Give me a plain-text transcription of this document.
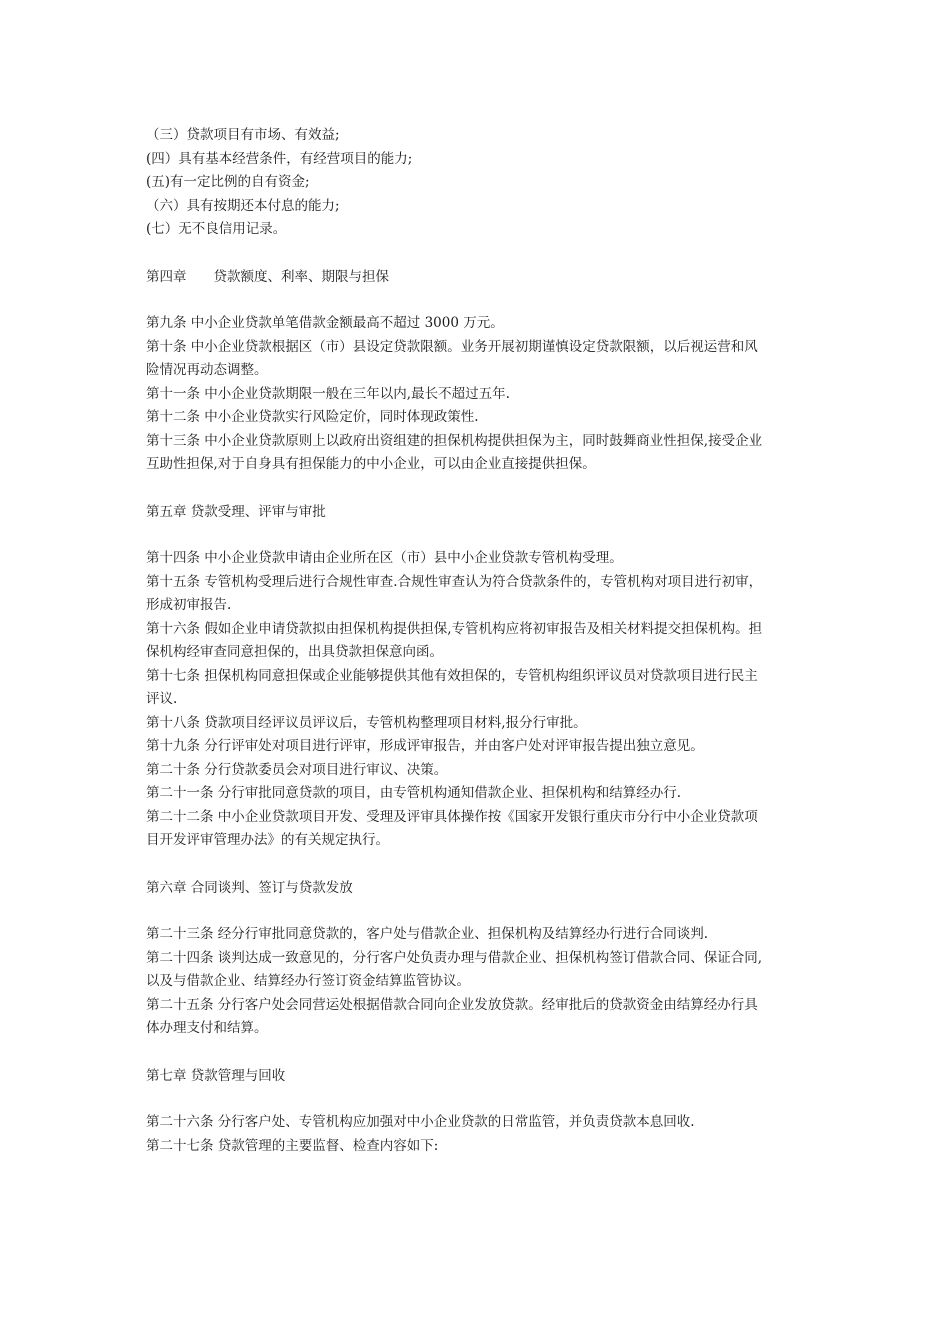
（三）贷款项目有市场、有效益;

(四）具有基本经营条件，有经营项目的能力;

(五)有一定比例的自有资金;

（六）具有按期还本付息的能力;

(七）无不良信用记录。

第四章　　贷款额度、利率、期限与担保

第九条 中小企业贷款单笔借款金额最高不超过 3000 万元。

第十条 中小企业贷款根据区（市）县设定贷款限额。业务开展初期谨慎设定贷款限额，以后视运营和风

险情况再动态调整。

第十一条 中小企业贷款期限一般在三年以内,最长不超过五年.

第十二条 中小企业贷款实行风险定价，同时体现政策性.

第十三条 中小企业贷款原则上以政府出资组建的担保机构提供担保为主，同时鼓舞商业性担保,接受企业

互助性担保,对于自身具有担保能力的中小企业，可以由企业直接提供担保。

第五章 贷款受理、评审与审批

第十四条 中小企业贷款申请由企业所在区（市）县中小企业贷款专管机构受理。

第十五条 专管机构受理后进行合规性审查.合规性审查认为符合贷款条件的，专管机构对项目进行初审，

形成初审报告.

第十六条 假如企业申请贷款拟由担保机构提供担保,专管机构应将初审报告及相关材料提交担保机构。担

保机构经审查同意担保的，出具贷款担保意向函。

第十七条 担保机构同意担保或企业能够提供其他有效担保的，专管机构组织评议员对贷款项目进行民主

评议.

第十八条 贷款项目经评议员评议后，专管机构整理项目材料,报分行审批。

第十九条 分行评审处对项目进行评审，形成评审报告，并由客户处对评审报告提出独立意见。

第二十条 分行贷款委员会对项目进行审议、决策。

第二十一条 分行审批同意贷款的项目，由专管机构通知借款企业、担保机构和结算经办行.

第二十二条 中小企业贷款项目开发、受理及评审具体操作按《国家开发银行重庆市分行中小企业贷款项

目开发评审管理办法》的有关规定执行。

第六章 合同谈判、签订与贷款发放

第二十三条 经分行审批同意贷款的，客户处与借款企业、担保机构及结算经办行进行合同谈判.

第二十四条 谈判达成一致意见的，分行客户处负责办理与借款企业、担保机构签订借款合同、保证合同,

以及与借款企业、结算经办行签订资金结算监管协议。

第二十五条 分行客户处会同营运处根据借款合同向企业发放贷款。经审批后的贷款资金由结算经办行具

体办理支付和结算。

第七章 贷款管理与回收

第二十六条 分行客户处、专管机构应加强对中小企业贷款的日常监管，并负责贷款本息回收.

第二十七条 贷款管理的主要监督、检查内容如下:
